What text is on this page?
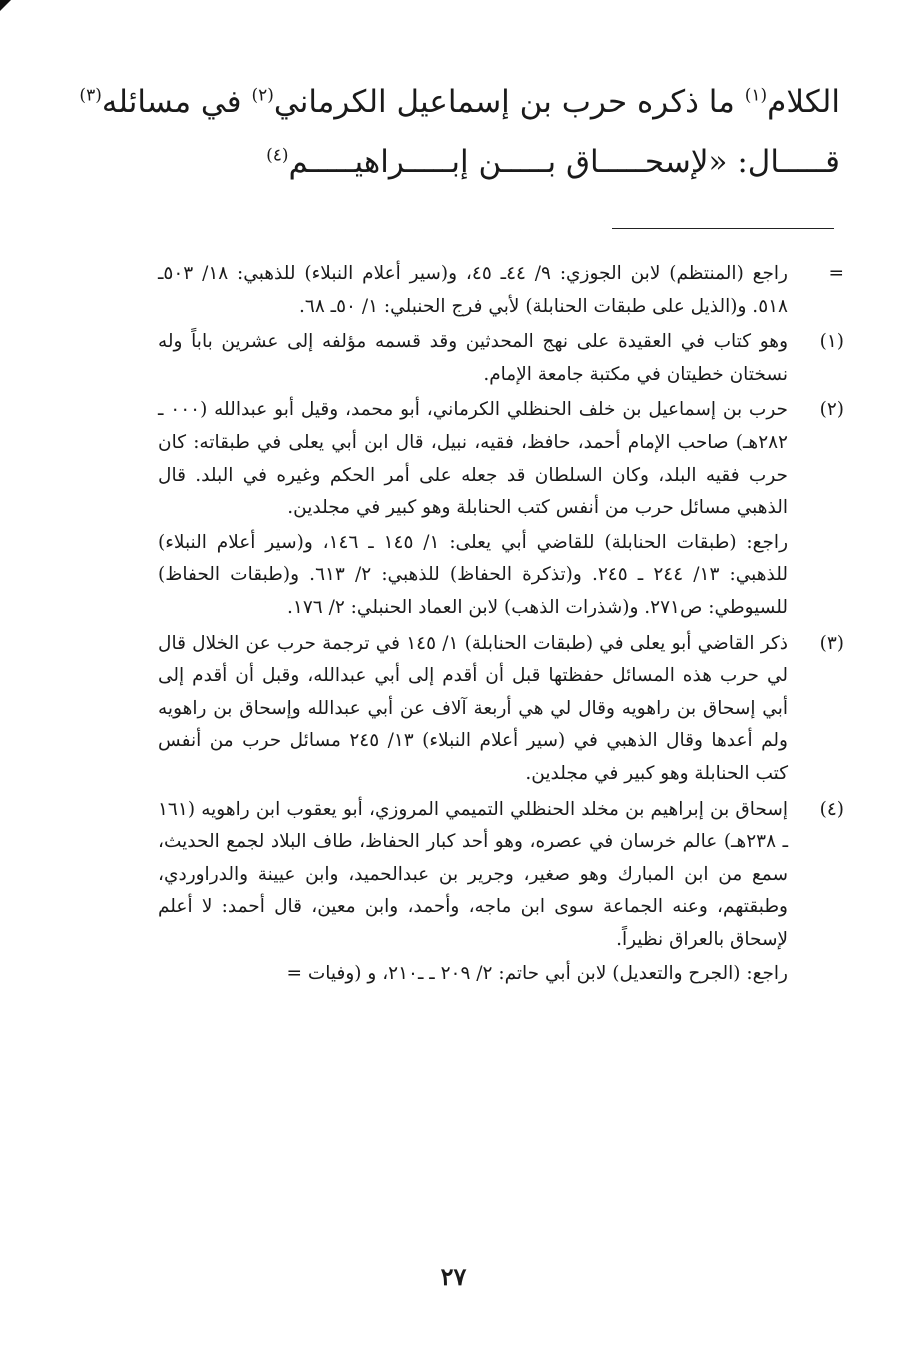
الكلام$^{(١)}$ ما ذكره حرب بن إسماعيل الكرماني$^{(٢)}$ في مسائله$^{(٣)}$
قـــــال: «لإسحـــــاق بـــــن إبـــــراهيـــــم$^{(٤)}$
=

راجع (المنتظم) لابن الجوزي: ٩/ ٤٤ـ ٤٥، و(سير أعلام النبلاء) للذهبي: ١٨/ ٥٠٣ـ ٥١٨. و(الذيل على طبقات الحنابلة) لأبي فرج الحنبلي: ١/ ٥٠ـ ٦٨.

(١)

وهو كتاب في العقيدة على نهج المحدثين وقد قسمه مؤلفه إلى عشرين باباً وله نسختان خطيتان في مكتبة جامعة الإمام.

(٢)

حرب بن إسماعيل بن خلف الحنظلي الكرماني، أبو محمد، وقيل أبو عبدالله (٠٠٠ ـ ٢٨٢هـ) صاحب الإمام أحمد، حافظ، فقيه، نبيل، قال ابن أبي يعلى في طبقاته: كان حرب فقيه البلد، وكان السلطان قد جعله على أمر الحكم وغيره في البلد. قال الذهبي مسائل حرب من أنفس كتب الحنابلة وهو كبير في مجلدين.

راجع: (طبقات الحنابلة) للقاضي أبي يعلى: ١/ ١٤٥ ـ ١٤٦، و(سير أعلام النبلاء) للذهبي: ١٣/ ٢٤٤ ـ ٢٤٥. و(تذكرة الحفاظ) للذهبي: ٢/ ٦١٣. و(طبقات الحفاظ) للسيوطي: ص٢٧١. و(شذرات الذهب) لابن العماد الحنبلي: ٢/ ١٧٦.

(٣)

ذكر القاضي أبو يعلى في (طبقات الحنابلة) ١/ ١٤٥ في ترجمة حرب عن الخلال قال لي حرب هذه المسائل حفظتها قبل أن أقدم إلى أبي عبدالله، وقبل أن أقدم إلى أبي إسحاق بن راهويه وقال لي هي أربعة آلاف عن أبي عبدالله وإسحاق بن راهويه ولم أعدها وقال الذهبي في (سير أعلام النبلاء) ١٣/ ٢٤٥ مسائل حرب من أنفس كتب الحنابلة وهو كبير في مجلدين.

(٤)

إسحاق بن إبراهيم بن مخلد الحنظلي التميمي المروزي، أبو يعقوب ابن راهويه (١٦١ ـ ٢٣٨هـ) عالم خرسان في عصره، وهو أحد كبار الحفاظ، طاف البلاد لجمع الحديث، سمع من ابن المبارك وهو صغير، وجرير بن عبدالحميد، وابن عيينة والدراوردي، وطبقتهم، وعنه الجماعة سوى ابن ماجه، وأحمد، وابن معين، قال أحمد: لا أعلم لإسحاق بالعراق نظيراً.

راجع: (الجرح والتعديل) لابن أبي حاتم: ٢/ ٢٠٩ ـ ـ٢١٠، و (وفيات =

٢٧
